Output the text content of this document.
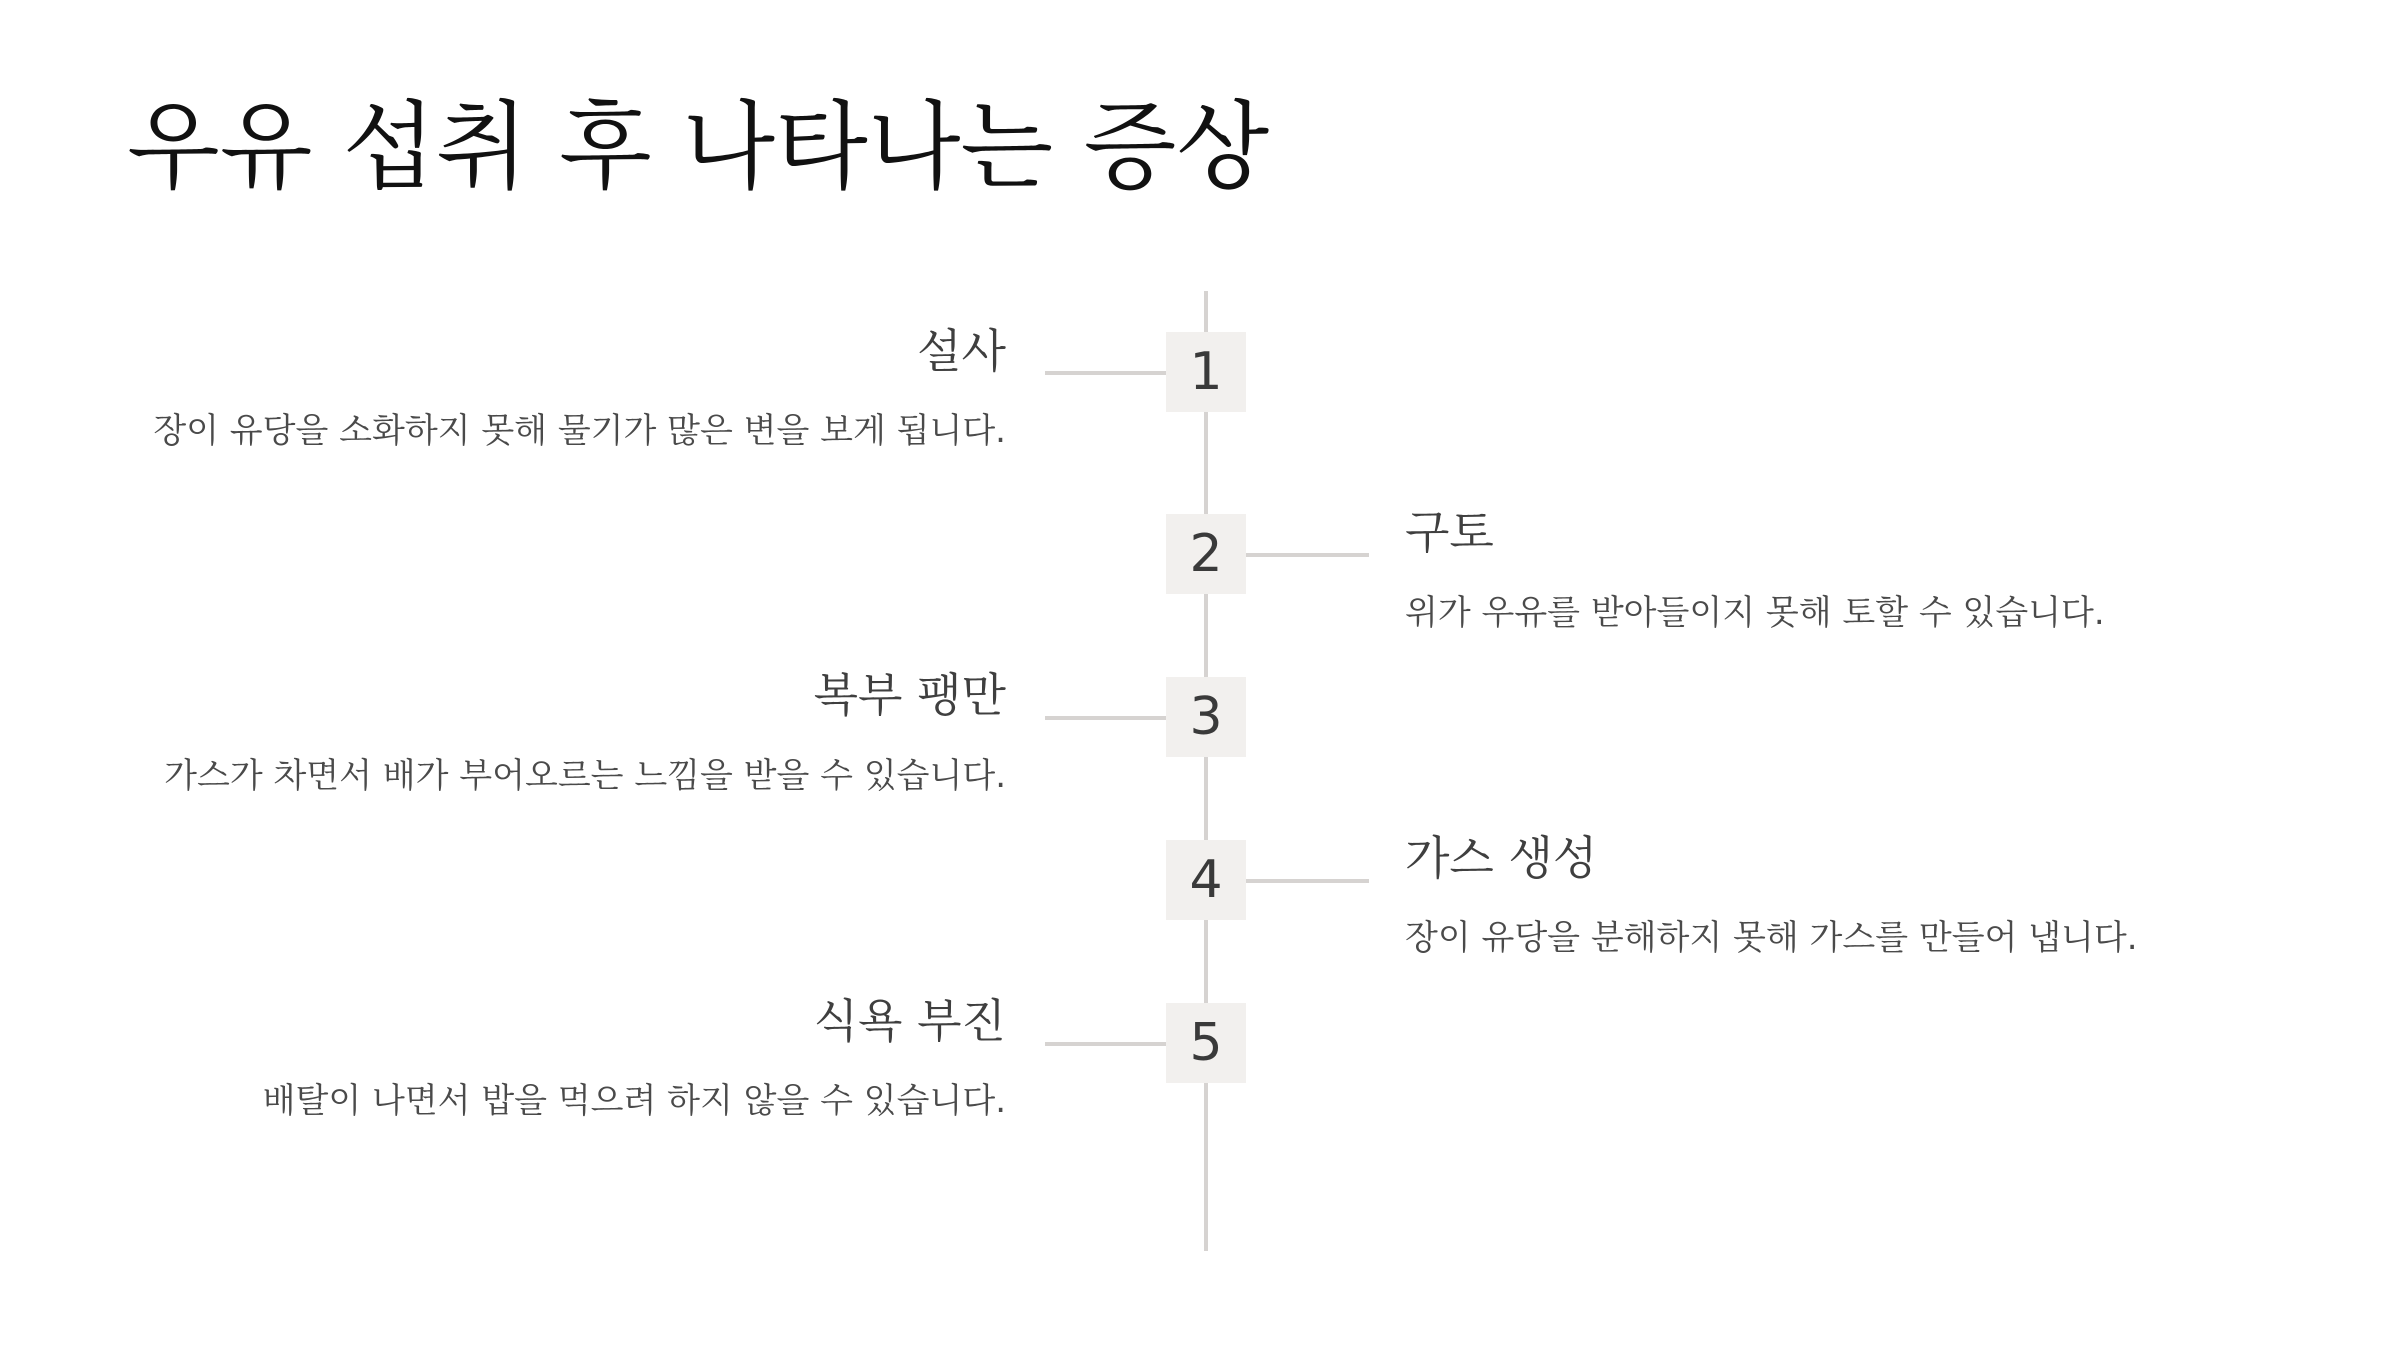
우유 섭취 후 나타나는 증상
1
설사
장이 유당을 소화하지 못해 물기가 많은 변을 보게 됩니다.
2	구토
위가 우유를 받아들이지 못해 토할 수 있습니다.
3
복부 팽만
가스가 차면서 배가 부어오르는 느낌을 받을 수 있습니다.
4	가스 생성
장이 유당을 분해하지 못해 가스를 만들어 냅니다.
5
식욕 부진
배탈이 나면서 밥을 먹으려 하지 않을 수 있습니다.
